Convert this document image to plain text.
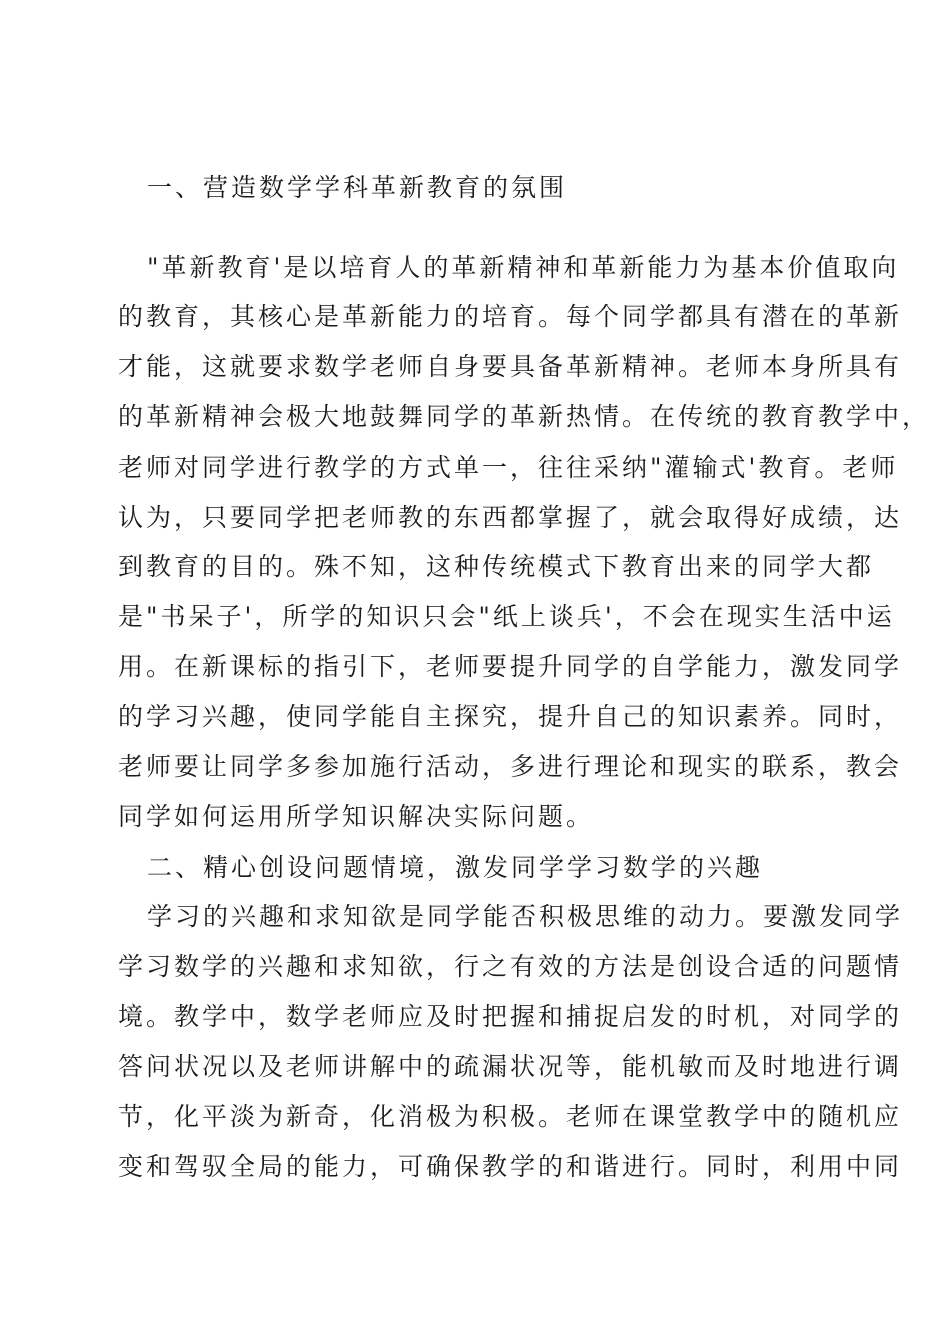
一、营造数学学科革新教育的氛围
"革新教育'是以培育人的革新精神和革新能力为基本价值取向
的教育，其核心是革新能力的培育。每个同学都具有潜在的革新
才能，这就要求数学老师自身要具备革新精神。老师本身所具有
的革新精神会极大地鼓舞同学的革新热情。在传统的教育教学中，
老师对同学进行教学的方式单一，往往采纳"灌输式'教育。老师
认为，只要同学把老师教的东西都掌握了，就会取得好成绩，达
到教育的目的。殊不知，这种传统模式下教育出来的同学大都
是"书呆子'，所学的知识只会"纸上谈兵'，不会在现实生活中运
用。在新课标的指引下，老师要提升同学的自学能力，激发同学
的学习兴趣，使同学能自主探究，提升自己的知识素养。同时，
老师要让同学多参加施行活动，多进行理论和现实的联系，教会
同学如何运用所学知识解决实际问题。
二、精心创设问题情境，激发同学学习数学的兴趣
学习的兴趣和求知欲是同学能否积极思维的动力。要激发同学
学习数学的兴趣和求知欲，行之有效的方法是创设合适的问题情
境。教学中，数学老师应及时把握和捕捉启发的时机，对同学的
答问状况以及老师讲解中的疏漏状况等，能机敏而及时地进行调
节，化平淡为新奇，化消极为积极。老师在课堂教学中的随机应
变和驾驭全局的能力，可确保教学的和谐进行。同时，利用中同
